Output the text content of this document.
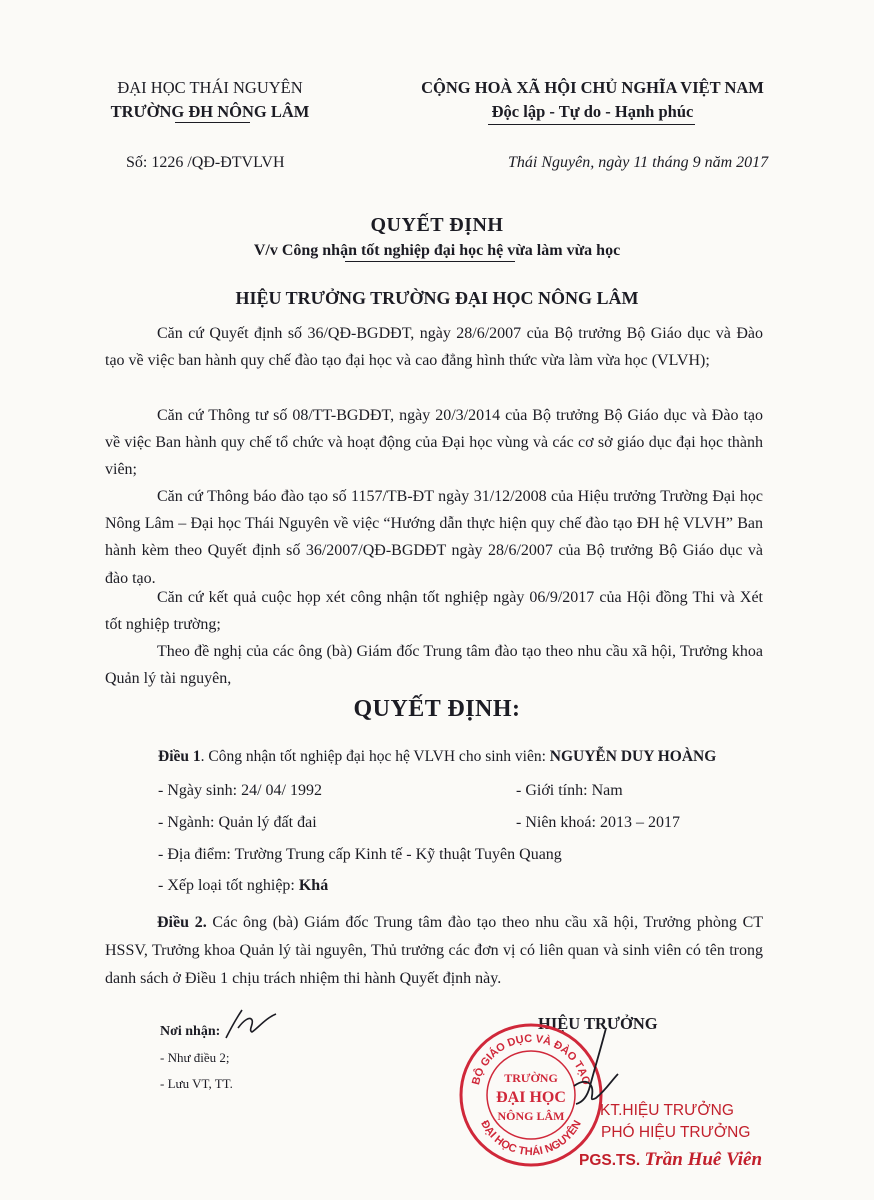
ĐẠI HỌC THÁI NGUYÊN
TRƯỜNG ĐH NÔNG LÂM
CỘNG HOÀ XÃ HỘI CHỦ NGHĨA VIỆT NAM
Độc lập - Tự do - Hạnh phúc
Số: 1226 /QĐ-ĐTVLVH	Thái Nguyên, ngày 11 tháng 9 năm 2017
QUYẾT ĐỊNH
V/v Công nhận tốt nghiệp đại học hệ vừa làm vừa học
HIỆU TRƯỞNG TRƯỜNG ĐẠI HỌC NÔNG LÂM
Căn cứ Quyết định số 36/QĐ-BGDĐT, ngày 28/6/2007 của Bộ trưởng Bộ Giáo dục và Đào tạo về việc ban hành quy chế đào tạo đại học và cao đẳng hình thức vừa làm vừa học (VLVH);
Căn cứ Thông tư số 08/TT-BGDĐT, ngày 20/3/2014 của Bộ trưởng Bộ Giáo dục và Đào tạo về việc Ban hành quy chế tổ chức và hoạt động của Đại học vùng và các cơ sở giáo dục đại học thành viên;
Căn cứ Thông báo đào tạo số 1157/TB-ĐT ngày 31/12/2008 của Hiệu trưởng Trường Đại học Nông Lâm – Đại học Thái Nguyên về việc “Hướng dẫn thực hiện quy chế đào tạo ĐH hệ VLVH” Ban hành kèm theo Quyết định số 36/2007/QĐ-BGDĐT ngày 28/6/2007 của Bộ trưởng Bộ Giáo dục và đào tạo.
Căn cứ kết quả cuộc họp xét công nhận tốt nghiệp ngày 06/9/2017 của Hội đồng Thi và Xét tốt nghiệp trường;
Theo đề nghị của các ông (bà) Giám đốc Trung tâm đào tạo theo nhu cầu xã hội, Trưởng khoa Quản lý tài nguyên,
QUYẾT ĐỊNH:
Điều 1. Công nhận tốt nghiệp đại học hệ VLVH cho sinh viên: NGUYỄN DUY HOÀNG
- Ngày sinh: 24/ 04/ 1992	- Giới tính: Nam
- Ngành: Quản lý đất đai	- Niên khoá: 2013 – 2017
- Địa điểm: Trường Trung cấp Kinh tế - Kỹ thuật Tuyên Quang
- Xếp loại tốt nghiệp: Khá
Điều 2. Các ông (bà) Giám đốc Trung tâm đào tạo theo nhu cầu xã hội, Trưởng phòng CT HSSV, Trưởng khoa Quản lý tài nguyên, Thủ trưởng các đơn vị có liên quan và sinh viên có tên trong danh sách ở Điều 1 chịu trách nhiệm thi hành Quyết định này.
Nơi nhận:
- Như điều 2;
- Lưu VT, TT.
HIỆU TRƯỞNG
BỘ GIÁO DỤC VÀ ĐÀO TẠO
ĐẠI HỌC THÁI NGUYÊN
TRƯỜNG
ĐẠI HỌC
NÔNG LÂM KT.HIỆU TRƯỞNG
PHÓ HIỆU TRƯỞNG
PGS.TS. Trần Huê Viên
